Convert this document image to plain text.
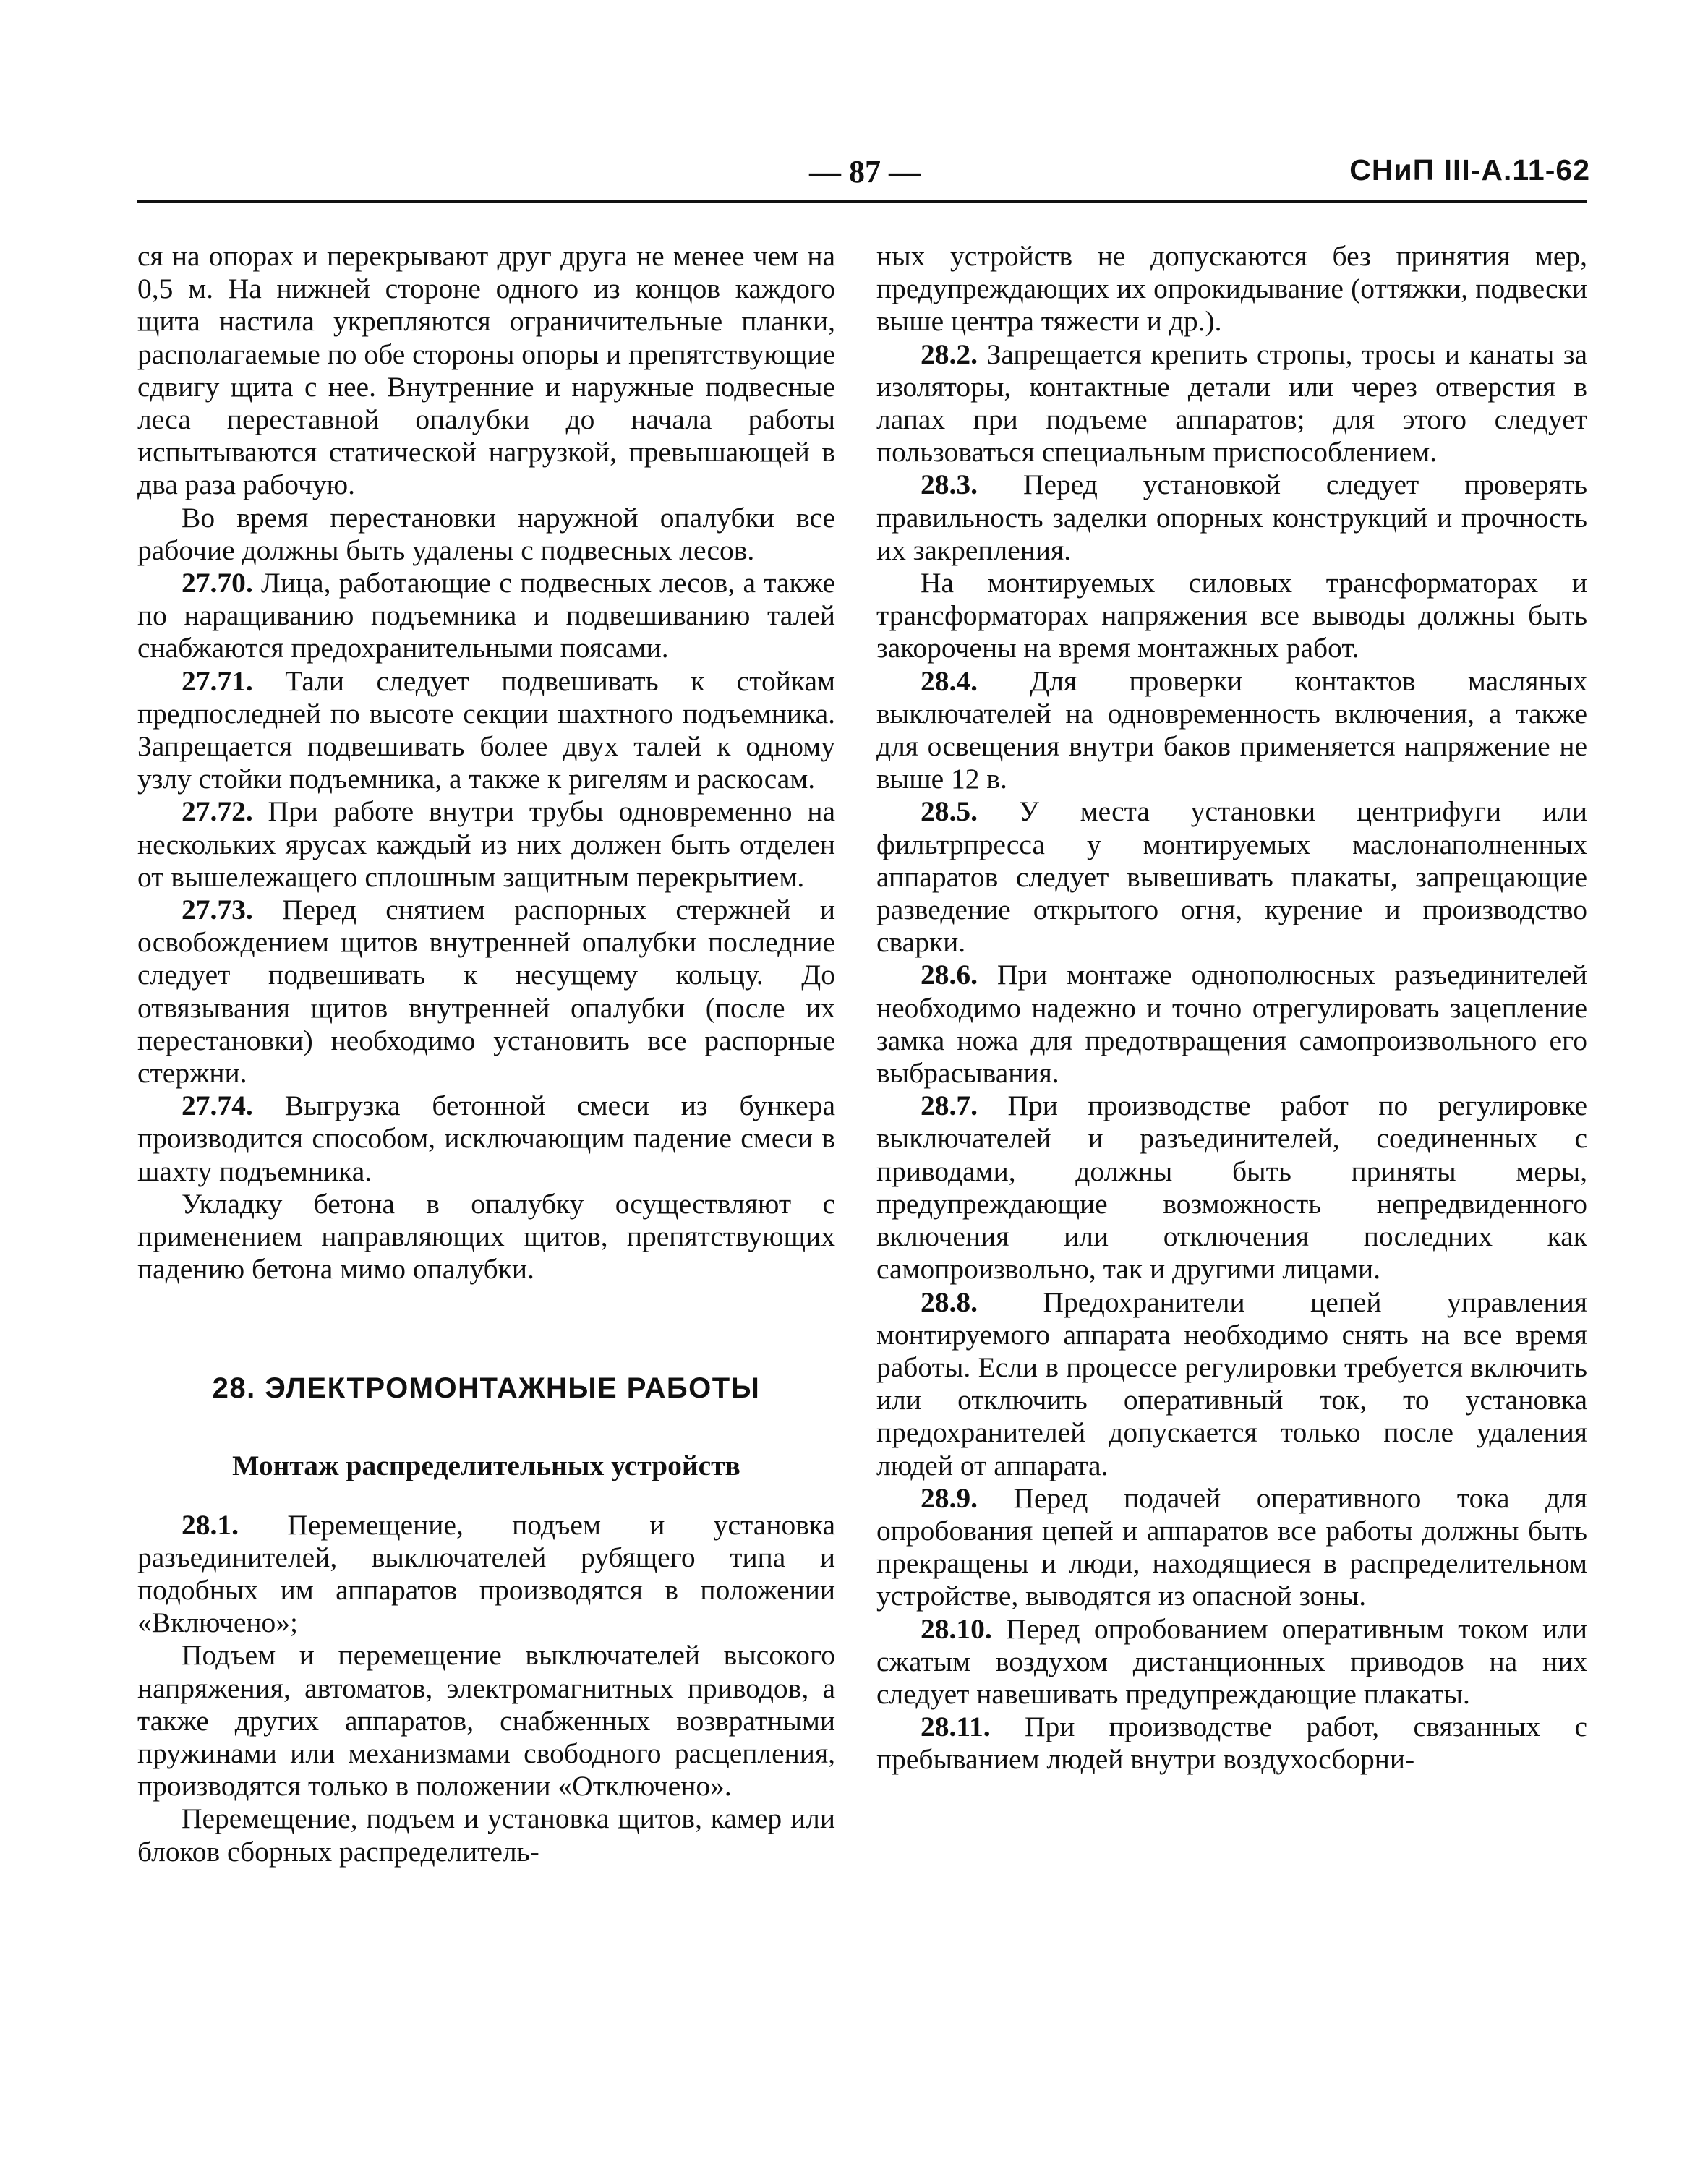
— 87 —	СНиП III-А.11-62

ся на опорах и перекрывают друг друга не менее чем на 0,5 м. На нижней стороне одного из концов каждого щита настила укрепляются ограничительные планки, располагаемые по обе стороны опоры и препятствующие сдвигу щита с нее. Внутренние и наружные подвесные леса переставной опалубки до начала работы испытываются статической нагрузкой, превышающей в два раза рабочую.

Во время перестановки наружной опалубки все рабочие должны быть удалены с подвесных лесов.

27.70. Лица, работающие с подвесных лесов, а также по наращиванию подъемника и подвешиванию талей снабжаются предохранительными поясами.

27.71. Тали следует подвешивать к стойкам предпоследней по высоте секции шахтного подъемника. Запрещается подвешивать более двух талей к одному узлу стойки подъемника, а также к ригелям и раскосам.

27.72. При работе внутри трубы одновременно на нескольких ярусах каждый из них должен быть отделен от вышележащего сплошным защитным перекрытием.

27.73. Перед снятием распорных стержней и освобождением щитов внутренней опалубки последние следует подвешивать к несущему кольцу. До отвязывания щитов внутренней опалубки (после их перестановки) необходимо установить все распорные стержни.

27.74. Выгрузка бетонной смеси из бункера производится способом, исключающим падение смеси в шахту подъемника.

Укладку бетона в опалубку осуществляют с применением направляющих щитов, препятствующих падению бетона мимо опалубки.

28. ЭЛЕКТРОМОНТАЖНЫЕ РАБОТЫ
Монтаж распределительных устройств

28.1. Перемещение, подъем и установка разъединителей, выключателей рубящего типа и подобных им аппаратов производятся в положении «Включено»;

Подъем и перемещение выключателей высокого напряжения, автоматов, электромагнитных приводов, а также других аппаратов, снабженных возвратными пружинами или механизмами свободного расцепления, производятся только в положении «Отключено».

Перемещение, подъем и установка щитов, камер или блоков сборных распределитель-

ных устройств не допускаются без принятия мер, предупреждающих их опрокидывание (оттяжки, подвески выше центра тяжести и др.).

28.2. Запрещается крепить стропы, тросы и канаты за изоляторы, контактные детали или через отверстия в лапах при подъеме аппаратов; для этого следует пользоваться специальным приспособлением.

28.3. Перед установкой следует проверять правильность заделки опорных конструкций и прочность их закрепления.

На монтируемых силовых трансформаторах и трансформаторах напряжения все выводы должны быть закорочены на время монтажных работ.

28.4. Для проверки контактов масляных выключателей на одновременность включения, а также для освещения внутри баков применяется напряжение не выше 12 в.

28.5. У места установки центрифуги или фильтрпресса у монтируемых маслонаполненных аппаратов следует вывешивать плакаты, запрещающие разведение открытого огня, курение и производство сварки.

28.6. При монтаже однополюсных разъединителей необходимо надежно и точно отрегулировать зацепление замка ножа для предотвращения самопроизвольного его выбрасывания.

28.7. При производстве работ по регулировке выключателей и разъединителей, соединенных с приводами, должны быть приняты меры, предупреждающие возможность непредвиденного включения или отключения последних как самопроизвольно, так и другими лицами.

28.8. Предохранители цепей управления монтируемого аппарата необходимо снять на все время работы. Если в процессе регулировки требуется включить или отключить оперативный ток, то установка предохранителей допускается только после удаления людей от аппарата.

28.9. Перед подачей оперативного тока для опробования цепей и аппаратов все работы должны быть прекращены и люди, находящиеся в распределительном устройстве, выводятся из опасной зоны.

28.10. Перед опробованием оперативным током или сжатым воздухом дистанционных приводов на них следует навешивать предупреждающие плакаты.

28.11. При производстве работ, связанных с пребыванием людей внутри воздухосборни-
